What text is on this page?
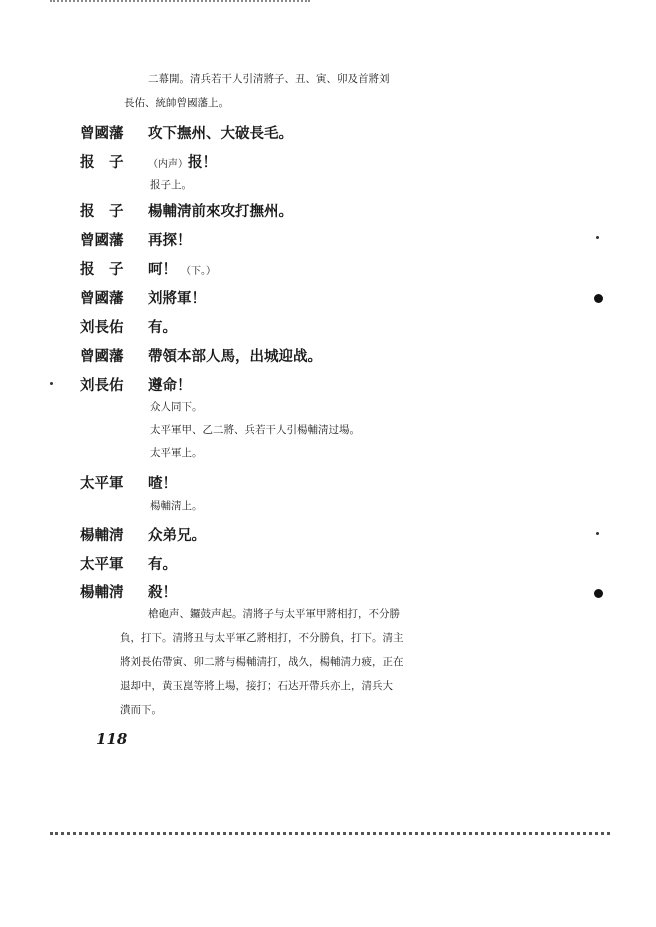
二幕開。清兵若干人引清將子、丑、寅、卯及首將刘
長佑、統帥曾國藩上。
曾國藩	攻下撫州、大破長毛。
报　子	（内声）报！
报子上。
报　子	楊輔淸前來攻打撫州。
曾國藩	再探！
报　子	呵！ （下。）
曾國藩	刘將軍！
刘長佑	有。
曾國藩	帶領本部人馬，出城迎战。
刘長佑	遵命！
众人同下。
太平軍甲、乙二將、兵若干人引楊輔淸过場。
太平軍上。
太平軍	喳！
楊輔淸上。
楊輔淸	众弟兄。
太平軍	有。
楊輔淸	殺！
槍砲声、鑼鼓声起。清將子与太平軍甲將相打，不分勝
負，打下。清將丑与太平軍乙將相打，不分勝負，打下。清主
將刘長佑帶寅、卯二將与楊輔淸打，战久，楊輔淸力疲，正在
退却中，黄玉崑等將上場，接打；石达开帶兵亦上，清兵大
潰而下。
118
